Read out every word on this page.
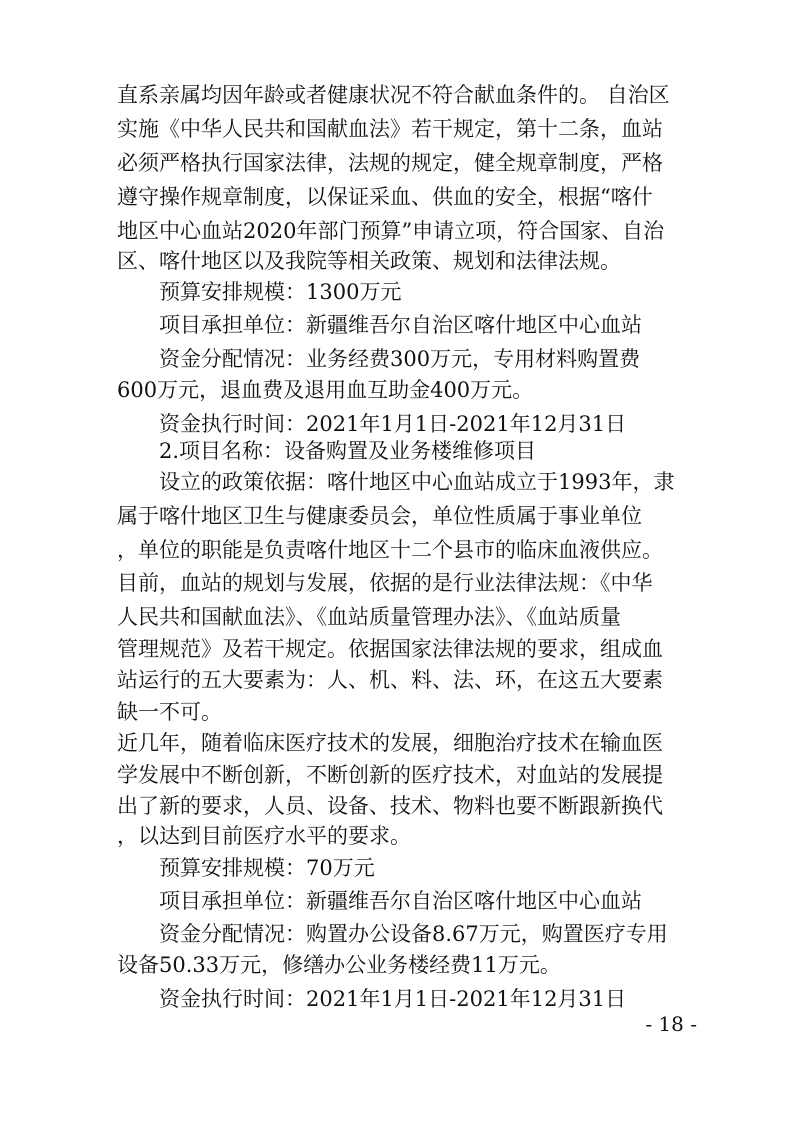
直系亲属均因年龄或者健康状况不符合献血条件的。 自治区

实施《中华人民共和国献血法》若干规定，第十二条，血站

必须严格执行国家法律，法规的规定，健全规章制度，严格

遵守操作规章制度，以保证采血、供血的安全，根据“喀什

地区中心血站2020年部门预算”申请立项，符合国家、自治

区、喀什地区以及我院等相关政策、规划和法律法规。

预算安排规模：1300万元

项目承担单位：新疆维吾尔自治区喀什地区中心血站

资金分配情况：业务经费300万元，专用材料购置费

600万元，退血费及退用血互助金400万元。

资金执行时间：2021年1月1日-2021年12月31日

2.项目名称：设备购置及业务楼维修项目

设立的政策依据：喀什地区中心血站成立于1993年，隶

属于喀什地区卫生与健康委员会，单位性质属于事业单位

，单位的职能是负责喀什地区十二个县市的临床血液供应。

目前，血站的规划与发展，依据的是行业法律法规：《中华

人民共和国献血法》、《血站质量管理办法》、《血站质量

管理规范》及若干规定。依据国家法律法规的要求，组成血

站运行的五大要素为：人、机、料、法、环，在这五大要素

缺一不可。

近几年，随着临床医疗技术的发展，细胞治疗技术在输血医

学发展中不断创新，不断创新的医疗技术，对血站的发展提

出了新的要求，人员、设备、技术、物料也要不断跟新换代

，以达到目前医疗水平的要求。

预算安排规模：70万元

项目承担单位：新疆维吾尔自治区喀什地区中心血站

资金分配情况：购置办公设备8.67万元，购置医疗专用

设备50.33万元，修缮办公业务楼经费11万元。

资金执行时间：2021年1月1日-2021年12月31日

- 18 -
